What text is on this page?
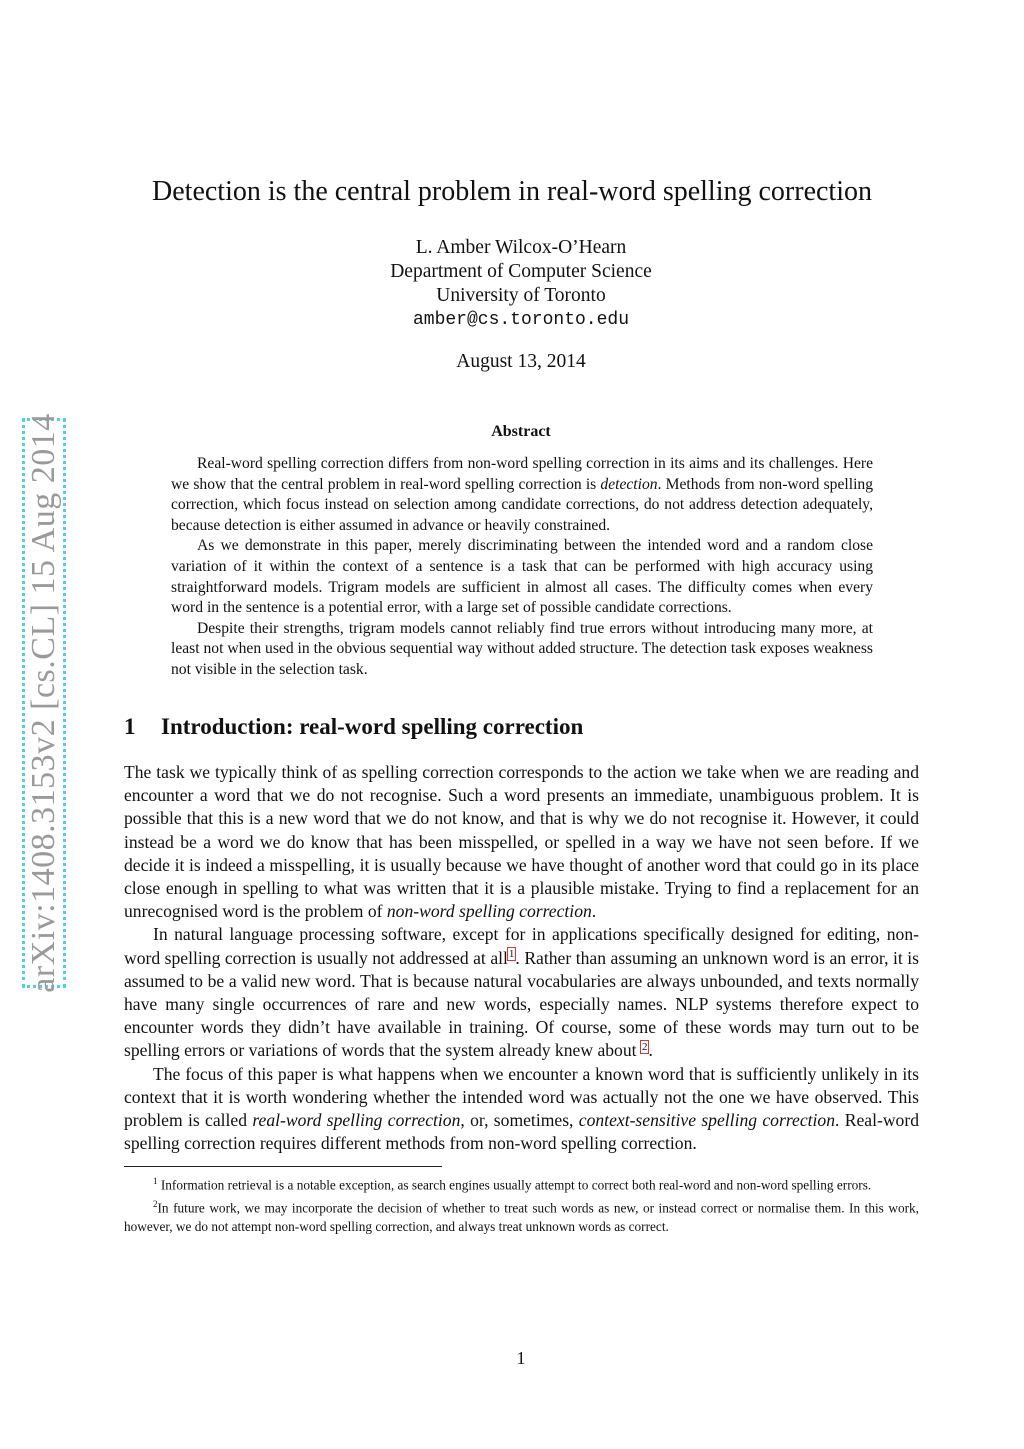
arXiv:1408.3153v2 [cs.CL] 15 Aug 2014
Detection is the central problem in real-word spelling correction
L. Amber Wilcox-O’Hearn
Department of Computer Science
University of Toronto
amber@cs.toronto.edu
August 13, 2014
Abstract

Real-word spelling correction differs from non-word spelling correction in its aims and its challenges. Here we show that the central problem in real-word spelling correction is detection. Methods from non-word spelling correction, which focus instead on selection among candidate corrections, do not address detection adequately, because detection is either assumed in advance or heavily constrained.

As we demonstrate in this paper, merely discriminating between the intended word and a random close variation of it within the context of a sentence is a task that can be performed with high accuracy using straightforward models. Trigram models are sufficient in almost all cases. The difficulty comes when every word in the sentence is a potential error, with a large set of possible candidate corrections.

Despite their strengths, trigram models cannot reliably find true errors without introducing many more, at least not when used in the obvious sequential way without added structure. The detection task exposes weakness not visible in the selection task.

1 Introduction: real-word spelling correction

The task we typically think of as spelling correction corresponds to the action we take when we are reading and encounter a word that we do not recognise. Such a word presents an immediate, unambiguous problem. It is possible that this is a new word that we do not know, and that is why we do not recognise it. However, it could instead be a word we do know that has been misspelled, or spelled in a way we have not seen before. If we decide it is indeed a misspelling, it is usually because we have thought of another word that could go in its place close enough in spelling to what was written that it is a plausible mistake. Trying to find a replacement for an unrecognised word is the problem of non-word spelling correction.

In natural language processing software, except for in applications specifically designed for editing, non-word spelling correction is usually not addressed at all$^1$. Rather than assuming an unknown word is an error, it is assumed to be a valid new word. That is because natural vocabularies are always unbounded, and texts normally have many single occurrences of rare and new words, especially names. NLP systems therefore expect to encounter words they didn’t have available in training. Of course, some of these words may turn out to be spelling errors or variations of words that the system already knew about $^2$.

The focus of this paper is what happens when we encounter a known word that is sufficiently unlikely in its context that it is worth wondering whether the intended word was actually not the one we have observed. This problem is called real-word spelling correction, or, sometimes, context-sensitive spelling correction. Real-word spelling correction requires different methods from non-word spelling correction.

$^1$ Information retrieval is a notable exception, as search engines usually attempt to correct both real-word and non-word spelling errors.

$^2$In future work, we may incorporate the decision of whether to treat such words as new, or instead correct or normalise them. In this work, however, we do not attempt non-word spelling correction, and always treat unknown words as correct.

1
